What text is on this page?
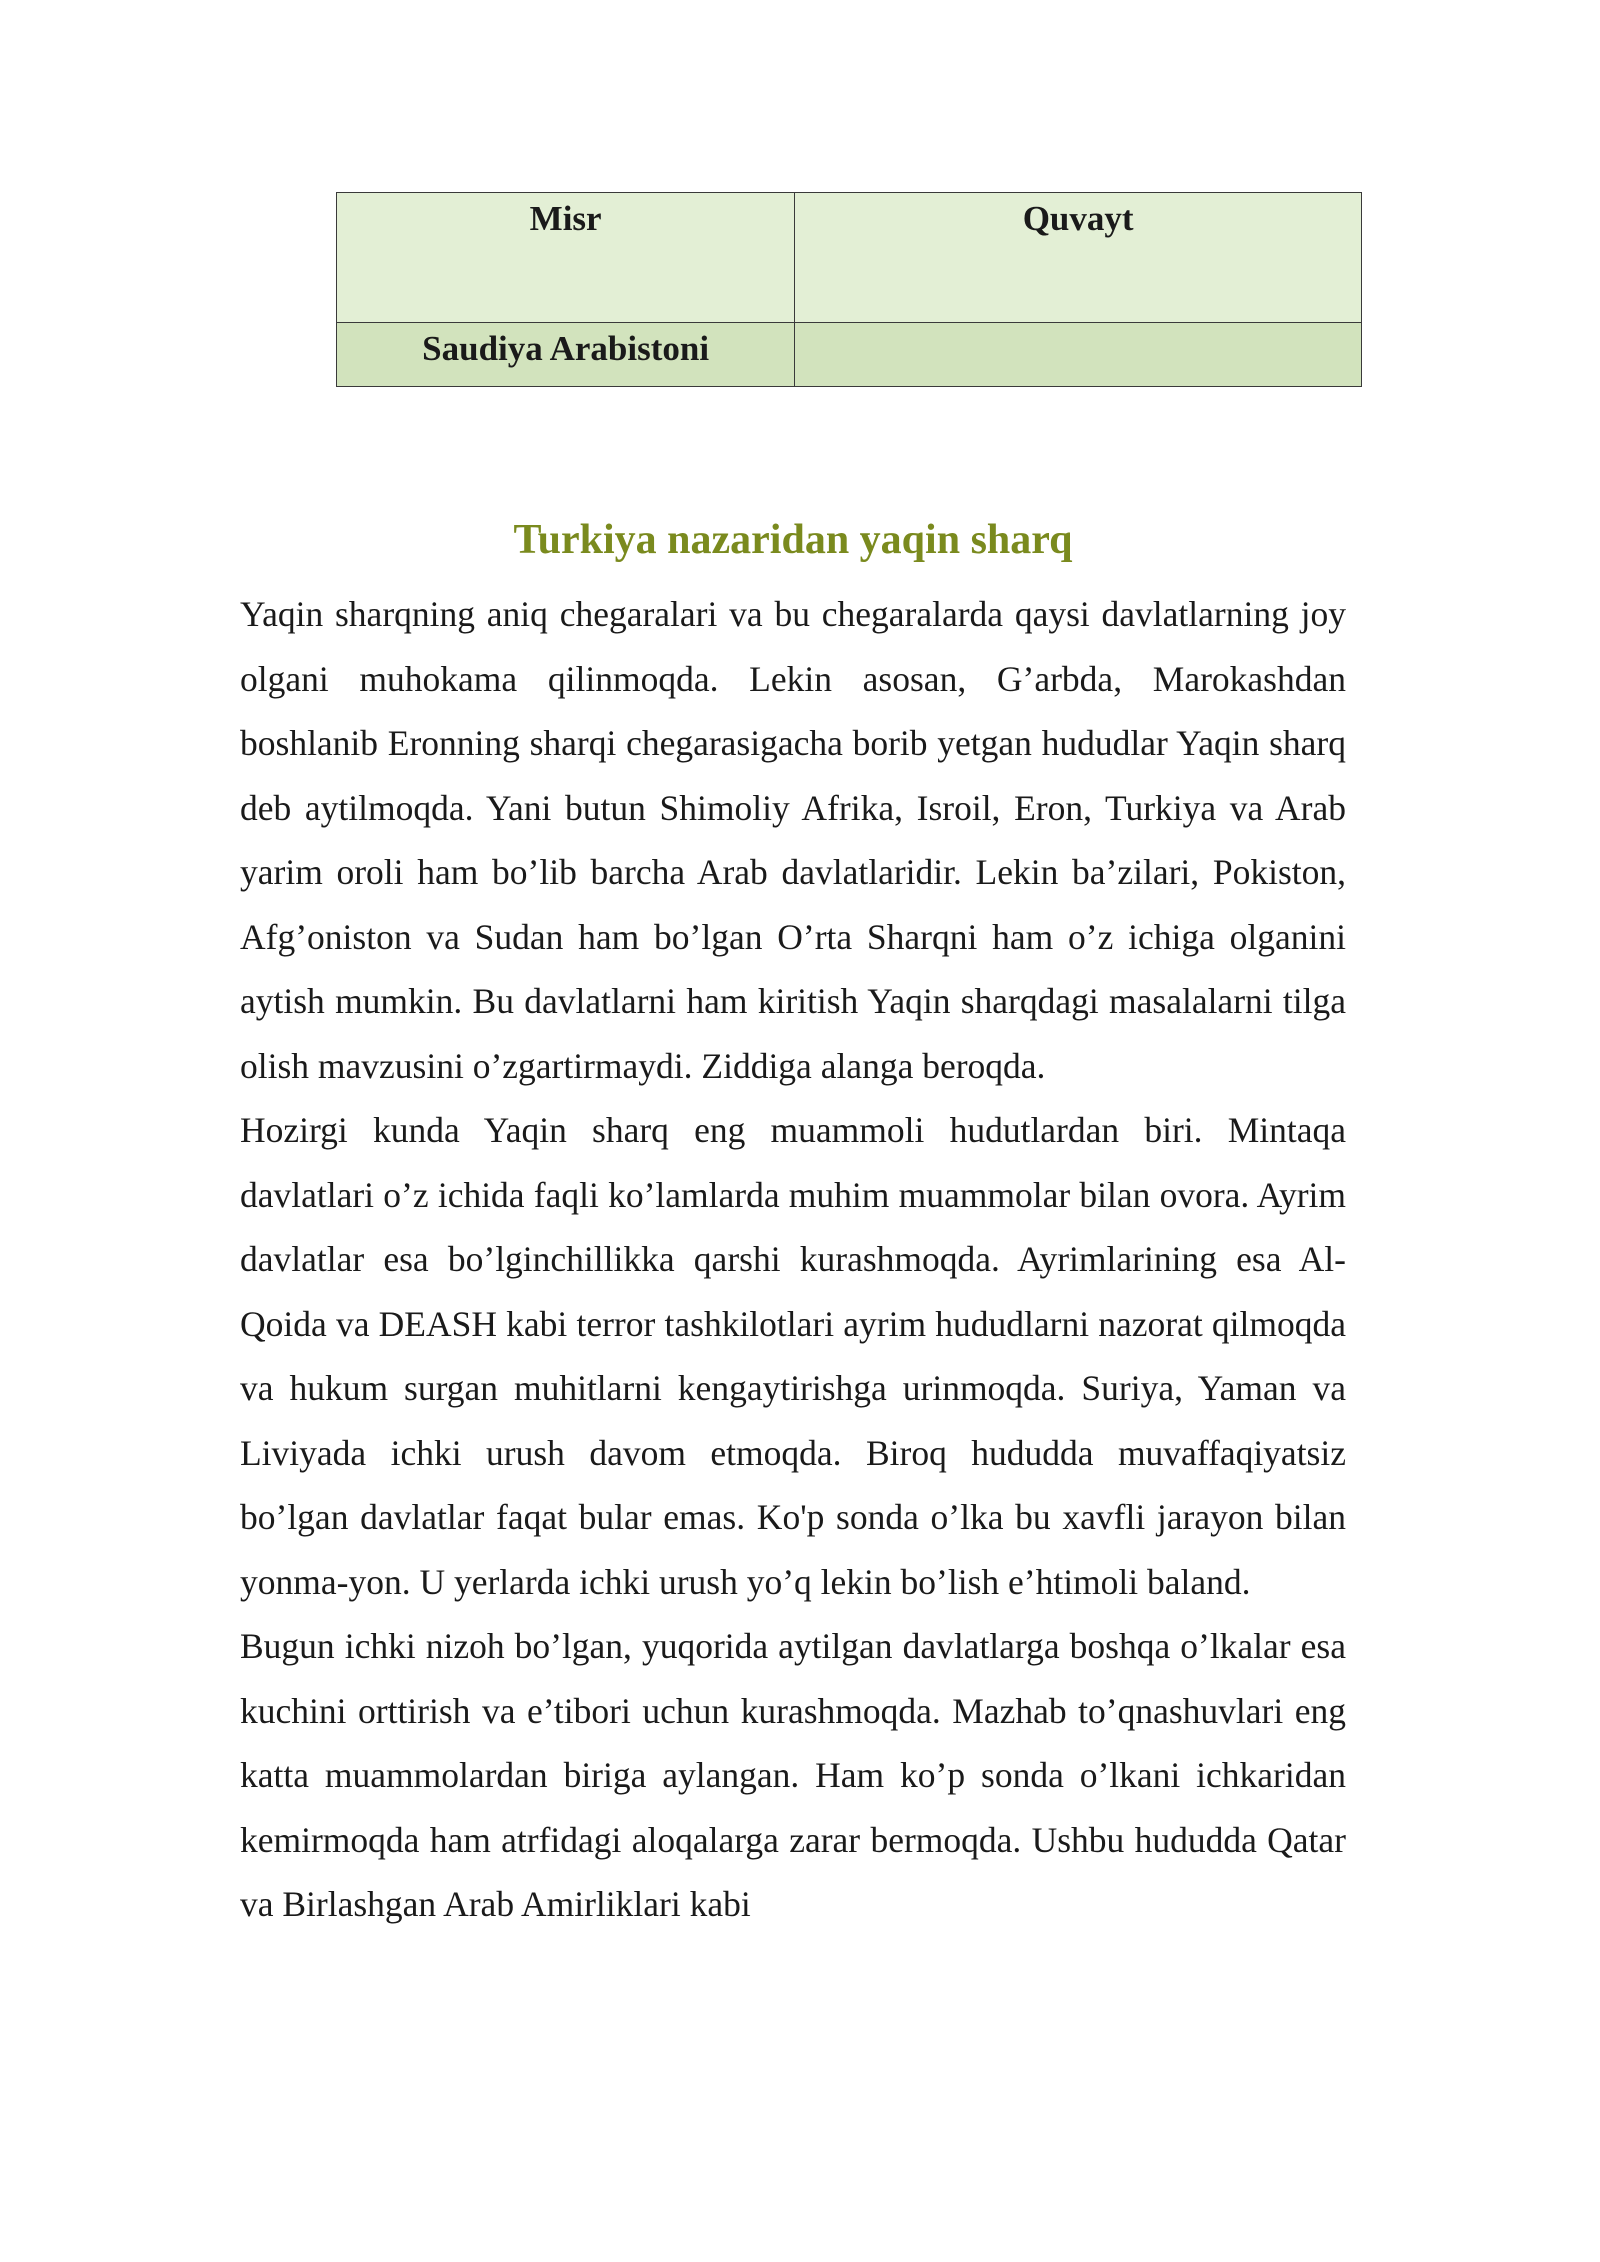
Misr	Quvayt
Saudiya Arabistoni	
Turkiya nazaridan yaqin sharq

Yaqin sharqning aniq chegaralari va bu chegaralarda qaysi davlatlarning joy olgani muhokama qilinmoqda. Lekin asosan, G’arbda, Marokashdan boshlanib Eronning sharqi chegarasigacha borib yetgan hududlar Yaqin sharq deb aytilmoqda. Yani butun Shimoliy Afrika, Isroil, Eron, Turkiya va Arab yarim oroli ham bo’lib barcha Arab davlatlaridir. Lekin ba’zilari, Pokiston, Afg’oniston va Sudan ham bo’lgan O’rta Sharqni ham o’z ichiga olganini aytish mumkin. Bu davlatlarni ham kiritish Yaqin sharqdagi masalalarni tilga olish mavzusini o’zgartirmaydi. Ziddiga alanga beroqda.

Hozirgi kunda Yaqin sharq eng muammoli hudutlardan biri. Mintaqa davlatlari o’z ichida faqli ko’lamlarda muhim muammolar bilan ovora. Ayrim davlatlar esa bo’lginchillikka qarshi kurashmoqda. Ayrimlarining esa Al-Qoida va DEASH kabi terror tashkilotlari ayrim hududlarni nazorat qilmoqda va hukum surgan muhitlarni kengaytirishga urinmoqda. Suriya, Yaman va Liviyada ichki urush davom etmoqda. Biroq hududda muvaffaqiyatsiz bo’lgan davlatlar faqat bular emas. Ko'p sonda o’lka bu xavfli jarayon bilan yonma-yon. U yerlarda ichki urush yo’q lekin bo’lish e’htimoli baland.

Bugun ichki nizoh bo’lgan, yuqorida aytilgan davlatlarga boshqa o’lkalar esa kuchini orttirish va e’tibori uchun kurashmoqda. Mazhab to’qnashuvlari eng katta muammolardan biriga aylangan. Ham ko’p sonda o’lkani ichkaridan kemirmoqda ham atrfidagi aloqalarga zarar bermoqda. Ushbu hududda Qatar va Birlashgan Arab Amirliklari kabi
